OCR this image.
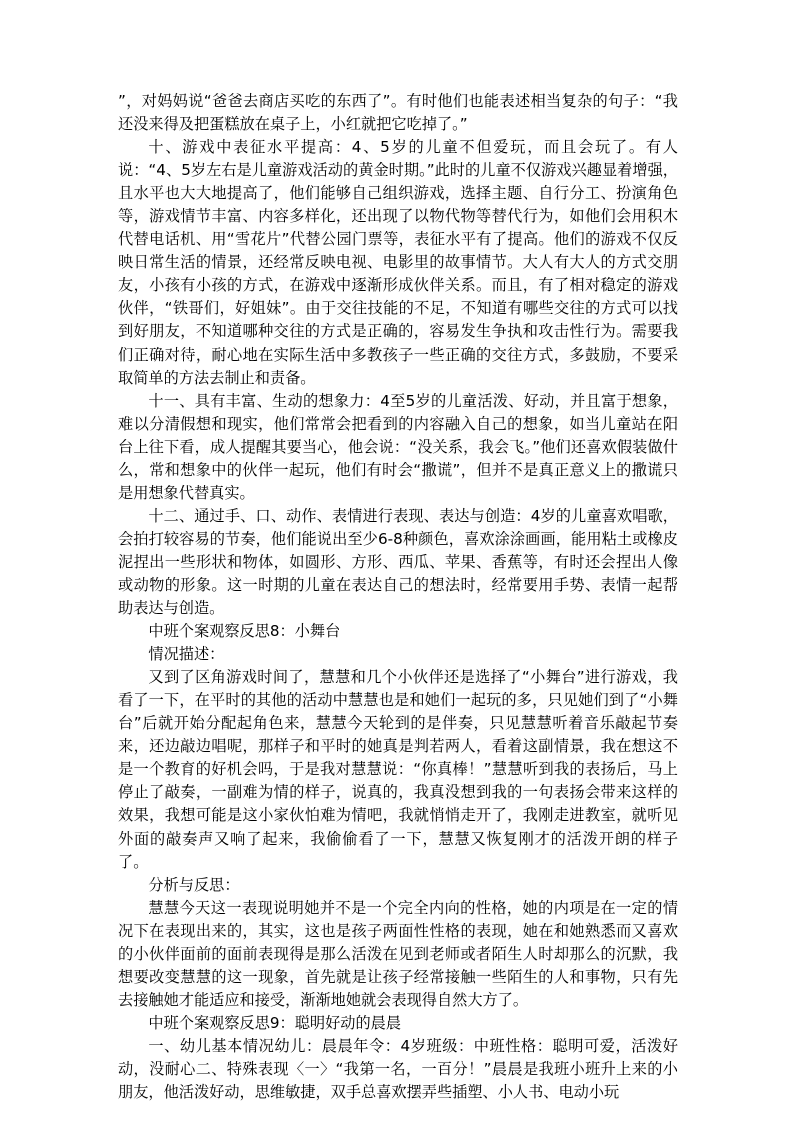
”，对妈妈说“爸爸去商店买吃的东西了”。有时他们也能表述相当复杂的句子：“我还没来得及把蛋糕放在桌子上，小红就把它吃掉了。”

十、游戏中表征水平提高：4、5岁的儿童不但爱玩，而且会玩了。有人说：“4、5岁左右是儿童游戏活动的黄金时期。”此时的儿童不仅游戏兴趣显着增强，且水平也大大地提高了，他们能够自己组织游戏，选择主题、自行分工、扮演角色等，游戏情节丰富、内容多样化，还出现了以物代物等替代行为，如他们会用积木代替电话机、用“雪花片”代替公园门票等，表征水平有了提高。他们的游戏不仅反映日常生活的情景，还经常反映电视、电影里的故事情节。大人有大人的方式交朋友，小孩有小孩的方式，在游戏中逐渐形成伙伴关系。而且，有了相对稳定的游戏伙伴，“铁哥们，好姐妹”。由于交往技能的不足，不知道有哪些交往的方式可以找到好朋友，不知道哪种交往的方式是正确的，容易发生争执和攻击性行为。需要我们正确对待，耐心地在实际生活中多教孩子一些正确的交往方式，多鼓励，不要采取简单的方法去制止和责备。

十一、具有丰富、生动的想象力：4至5岁的儿童活泼、好动，并且富于想象，难以分清假想和现实，他们常常会把看到的内容融入自己的想象，如当儿童站在阳台上往下看，成人提醒其要当心，他会说：“没关系，我会飞。”他们还喜欢假装做什么，常和想象中的伙伴一起玩，他们有时会“撒谎”，但并不是真正意义上的撒谎只是用想象代替真实。

十二、通过手、口、动作、表情进行表现、表达与创造：4岁的儿童喜欢唱歌，会拍打较容易的节奏，他们能说出至少6-8种颜色，喜欢涂涂画画，能用粘土或橡皮泥捏出一些形状和物体，如圆形、方形、西瓜、苹果、香蕉等，有时还会捏出人像或动物的形象。这一时期的儿童在表达自己的想法时，经常要用手势、表情一起帮助表达与创造。

中班个案观察反思8：小舞台

情况描述：

又到了区角游戏时间了，慧慧和几个小伙伴还是选择了“小舞台”进行游戏，我看了一下，在平时的其他的活动中慧慧也是和她们一起玩的多，只见她们到了“小舞台”后就开始分配起角色来，慧慧今天轮到的是伴奏，只见慧慧听着音乐敲起节奏来，还边敲边唱呢，那样子和平时的她真是判若两人，看着这副情景，我在想这不是一个教育的好机会吗，于是我对慧慧说：“你真棒！”慧慧听到我的表扬后，马上停止了敲奏，一副难为情的样子，说真的，我真没想到我的一句表扬会带来这样的效果，我想可能是这小家伙怕难为情吧，我就悄悄走开了，我刚走进教室，就听见外面的敲奏声又响了起来，我偷偷看了一下，慧慧又恢复刚才的活泼开朗的样子了。

分析与反思：

慧慧今天这一表现说明她并不是一个完全内向的性格，她的内项是在一定的情况下在表现出来的，其实，这也是孩子两面性性格的表现，她在和她熟悉而又喜欢的小伙伴面前的面前表现得是那么活泼在见到老师或者陌生人时却那么的沉默，我想要改变慧慧的这一现象，首先就是让孩子经常接触一些陌生的人和事物，只有先去接触她才能适应和接受，渐渐地她就会表现得自然大方了。

中班个案观察反思9：聪明好动的晨晨

一、幼儿基本情况幼儿：晨晨年令：4岁班级：中班性格：聪明可爱，活泼好动，没耐心二、特殊表现〈一〉“我第一名，一百分！”晨晨是我班小班升上来的小朋友，他活泼好动，思维敏捷，双手总喜欢摆弄些插塑、小人书、电动小玩
